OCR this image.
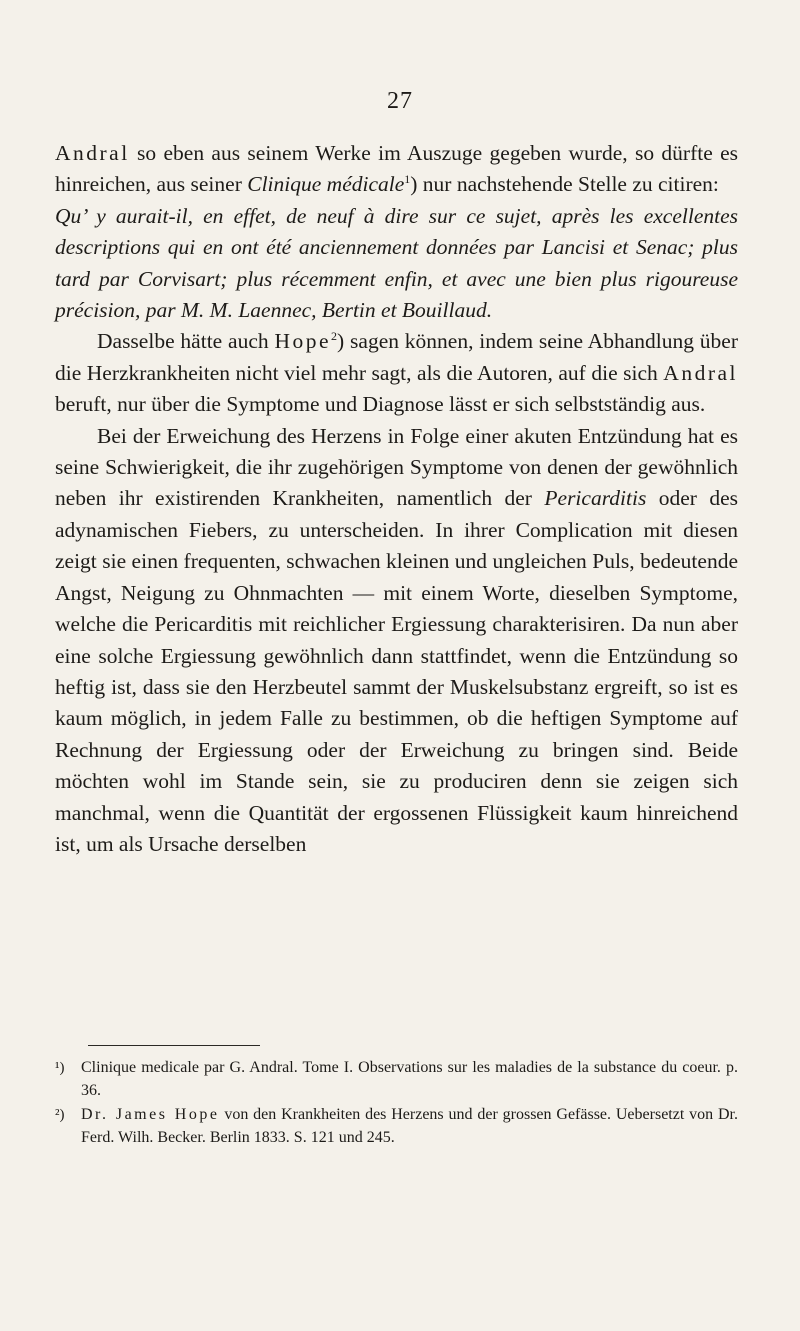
27

Andral so eben aus seinem Werke im Auszuge gegeben wurde, so dürfte es hinreichen, aus seiner Clinique médicale$^1$) nur nachstehende Stelle zu citiren:

Qu’ y aurait-il, en effet, de neuf à dire sur ce sujet, après les excellentes descriptions qui en ont été anciennement données par Lancisi et Senac; plus tard par Corvisart; plus récemment enfin, et avec une bien plus rigoureuse précision, par M. M. Laennec, Bertin et Bouillaud.

Dasselbe hätte auch Hope$^2$) sagen können, indem seine Abhandlung über die Herzkrankheiten nicht viel mehr sagt, als die Autoren, auf die sich Andral beruft, nur über die Symptome und Diagnose lässt er sich selbstständig aus.

Bei der Erweichung des Herzens in Folge einer akuten Entzündung hat es seine Schwierigkeit, die ihr zugehörigen Symptome von denen der gewöhnlich neben ihr existirenden Krankheiten, namentlich der Pericarditis oder des adynamischen Fiebers, zu unterscheiden. In ihrer Complication mit diesen zeigt sie einen frequenten, schwachen kleinen und ungleichen Puls, bedeutende Angst, Neigung zu Ohnmachten — mit einem Worte, dieselben Symptome, welche die Pericarditis mit reichlicher Ergiessung charakterisiren. Da nun aber eine solche Ergiessung gewöhnlich dann stattfindet, wenn die Entzündung so heftig ist, dass sie den Herzbeutel sammt der Muskelsubstanz ergreift, so ist es kaum möglich, in jedem Falle zu bestimmen, ob die heftigen Symptome auf Rechnung der Ergiessung oder der Erweichung zu bringen sind. Beide möchten wohl im Stande sein, sie zu produciren denn sie zeigen sich manchmal, wenn die Quantität der ergossenen Flüssigkeit kaum hinreichend ist, um als Ursache derselben

¹) Clinique medicale par G. Andral. Tome I. Observations sur les maladies de la substance du coeur. p. 36.

²) Dr. James Hope von den Krankheiten des Herzens und der grossen Gefässe. Uebersetzt von Dr. Ferd. Wilh. Becker. Berlin 1833. S. 121 und 245.
